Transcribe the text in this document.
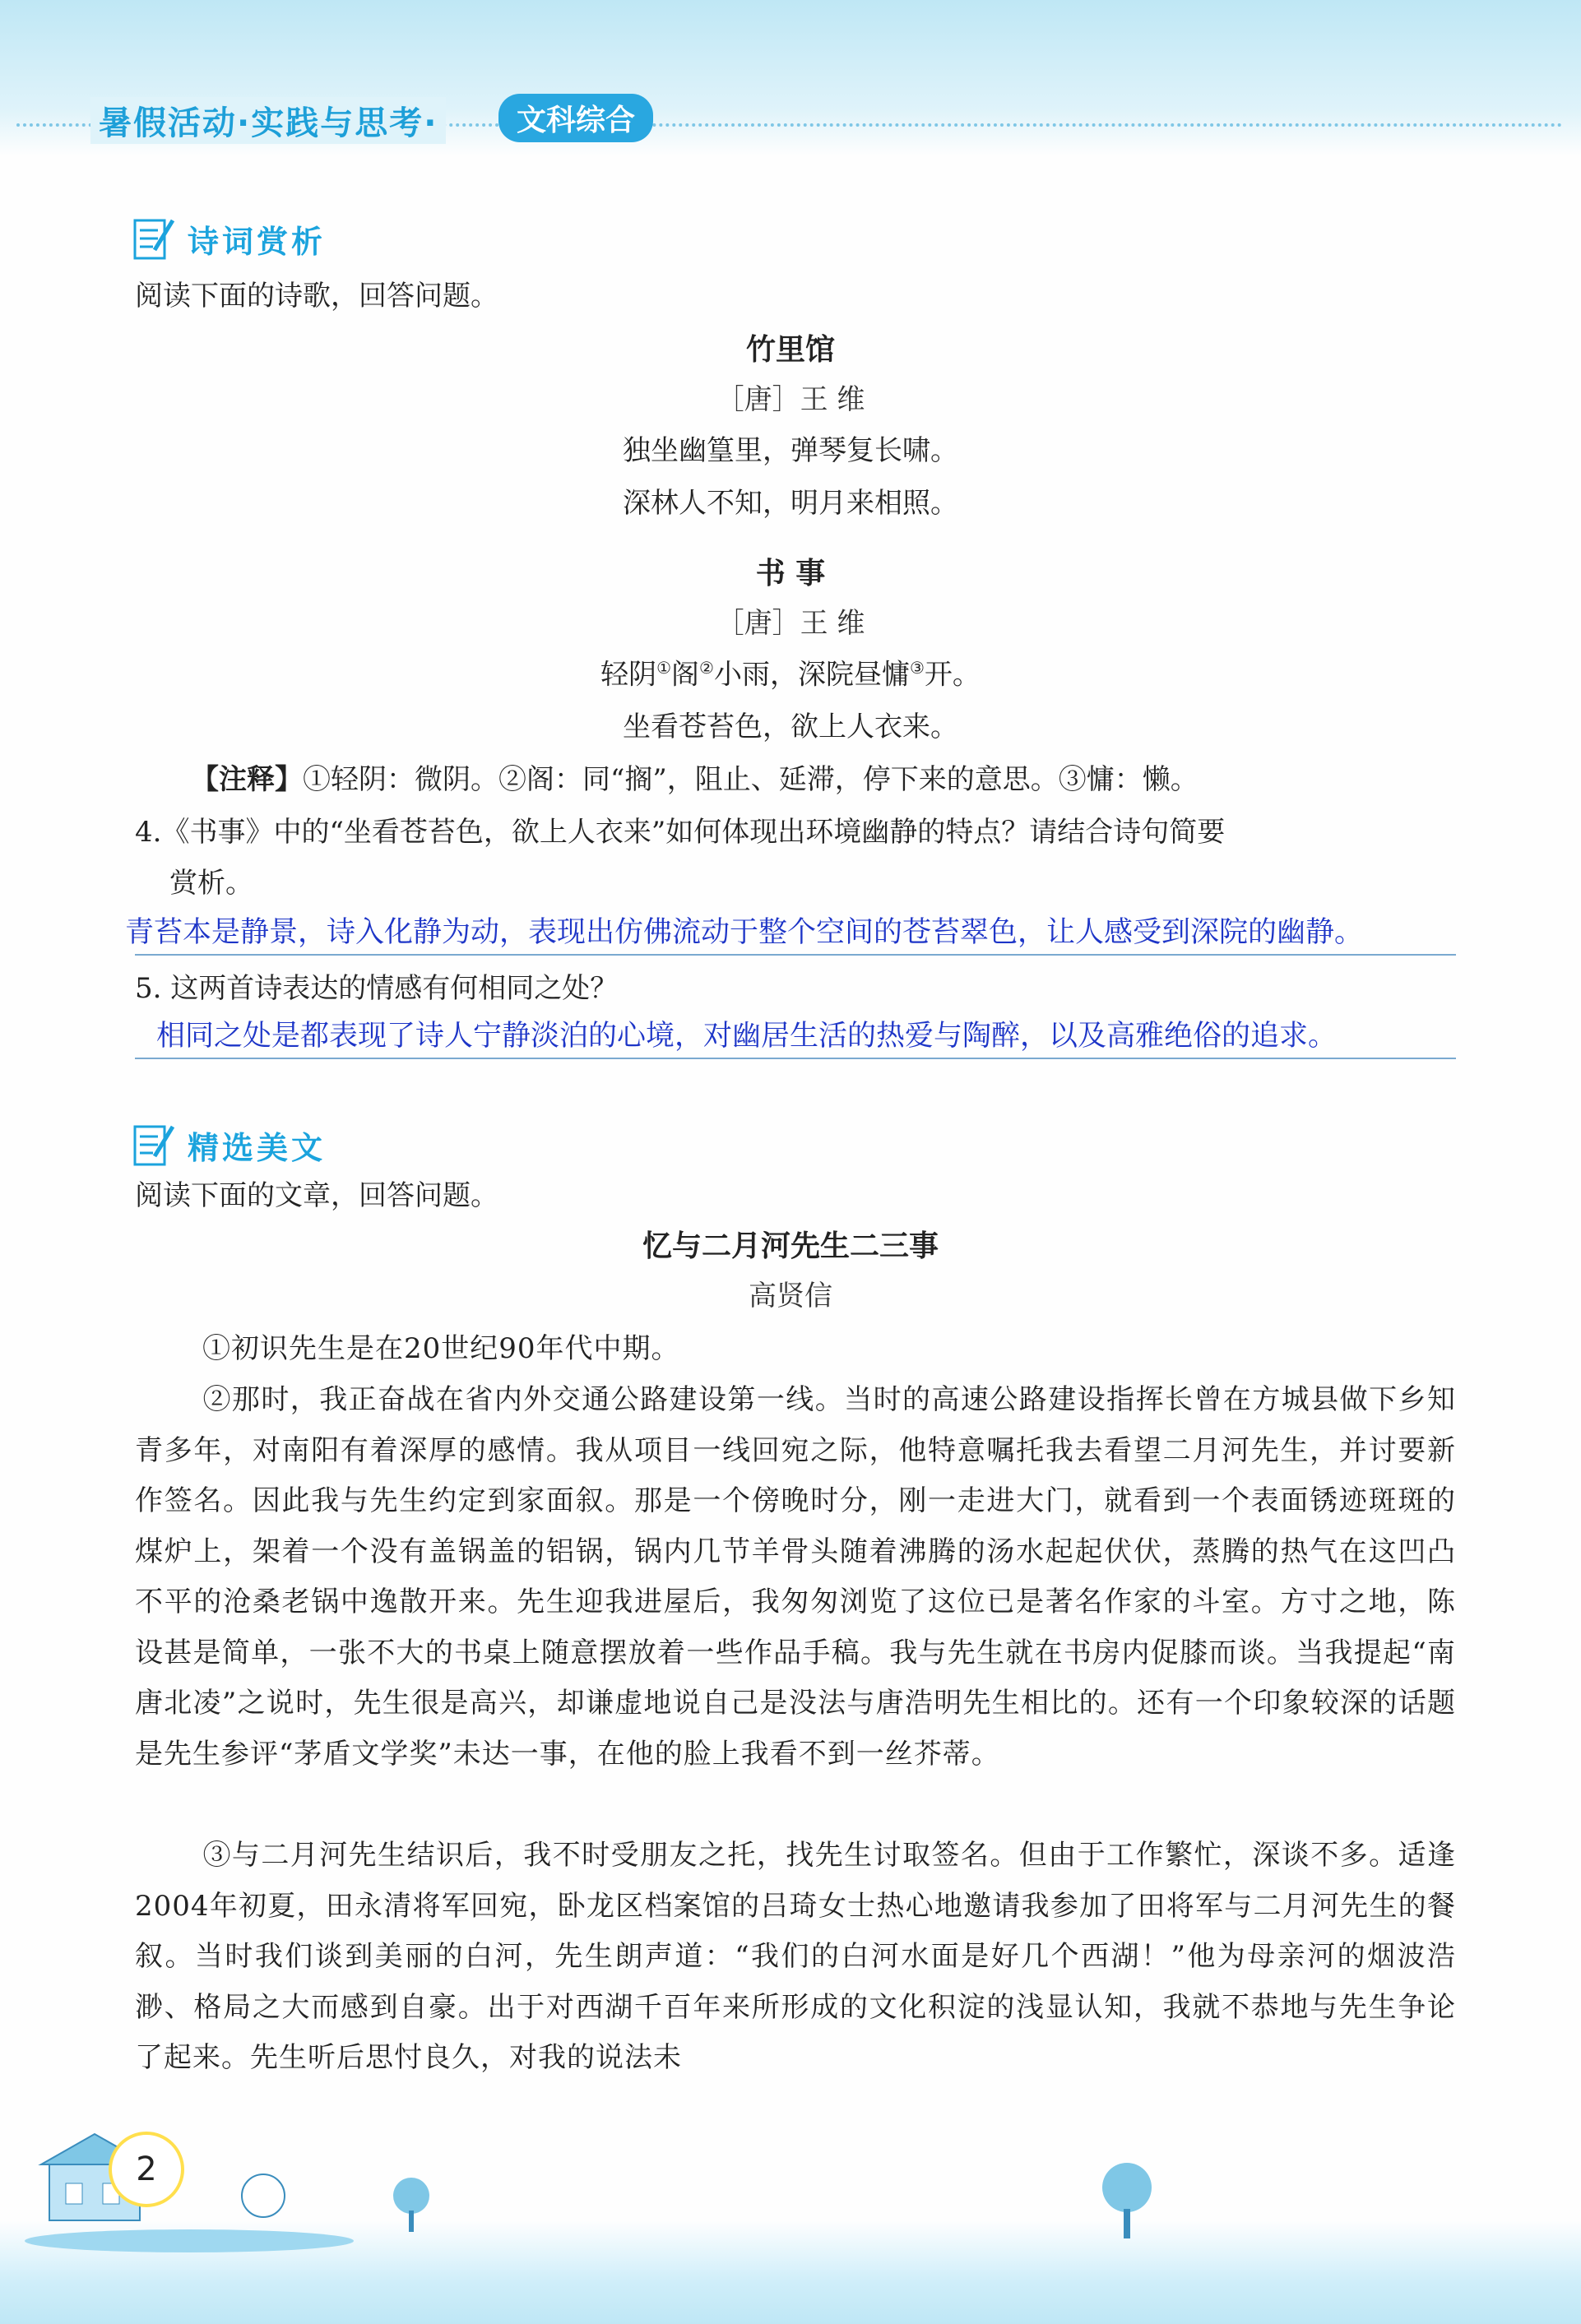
暑假活动·实践与思考·	文科综合
诗词赏析
阅读下面的诗歌，回答问题。
竹里馆
［唐］王 维
独坐幽篁里，弹琴复长啸。
深林人不知，明月来相照。
书 事
［唐］王 维
轻阴①阁②小雨，深院昼慵③开。
坐看苍苔色，欲上人衣来。
【注释】①轻阴：微阴。②阁：同“搁”，阻止、延滞，停下来的意思。③慵：懒。
4.《书事》中的“坐看苍苔色，欲上人衣来”如何体现出环境幽静的特点？请结合诗句简要
赏析。
青苔本是静景，诗入化静为动，表现出仿佛流动于整个空间的苍苔翠色，让人感受到深院的幽静。
5. 这两首诗表达的情感有何相同之处？
相同之处是都表现了诗人宁静淡泊的心境，对幽居生活的热爱与陶醉，以及高雅绝俗的追求。
精选美文
阅读下面的文章，回答问题。
忆与二月河先生二三事
高贤信
①初识先生是在20世纪90年代中期。
②那时，我正奋战在省内外交通公路建设第一线。当时的高速公路建设指挥长曾在方城县做下乡知青多年，对南阳有着深厚的感情。我从项目一线回宛之际，他特意嘱托我去看望二月河先生，并讨要新作签名。因此我与先生约定到家面叙。那是一个傍晚时分，刚一走进大门，就看到一个表面锈迹斑斑的煤炉上，架着一个没有盖锅盖的铝锅，锅内几节羊骨头随着沸腾的汤水起起伏伏，蒸腾的热气在这凹凸不平的沧桑老锅中逸散开来。先生迎我进屋后，我匆匆浏览了这位已是著名作家的斗室。方寸之地，陈设甚是简单，一张不大的书桌上随意摆放着一些作品手稿。我与先生就在书房内促膝而谈。当我提起“南唐北凌”之说时，先生很是高兴，却谦虚地说自己是没法与唐浩明先生相比的。还有一个印象较深的话题是先生参评“茅盾文学奖”未达一事，在他的脸上我看不到一丝芥蒂。
③与二月河先生结识后，我不时受朋友之托，找先生讨取签名。但由于工作繁忙，深谈不多。适逢2004年初夏，田永清将军回宛，卧龙区档案馆的吕琦女士热心地邀请我参加了田将军与二月河先生的餐叙。当时我们谈到美丽的白河，先生朗声道：“我们的白河水面是好几个西湖！”他为母亲河的烟波浩渺、格局之大而感到自豪。出于对西湖千百年来所形成的文化积淀的浅显认知，我就不恭地与先生争论了起来。先生听后思忖良久，对我的说法未
2
